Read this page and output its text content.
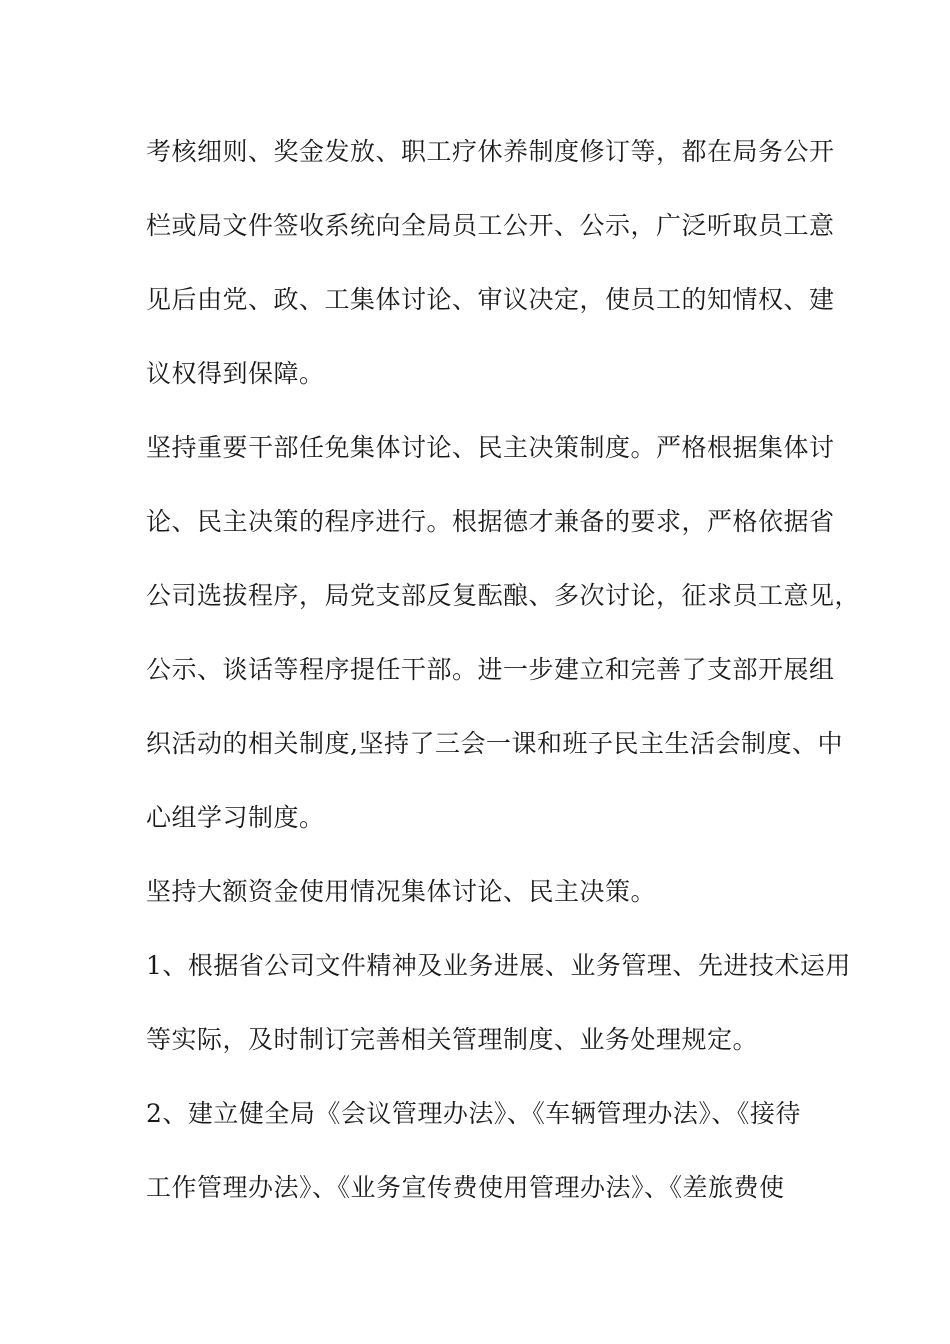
考核细则、奖金发放、职工疗休养制度修订等，都在局务公开
栏或局文件签收系统向全局员工公开、公示，广泛听取员工意
见后由党、政、工集体讨论、审议决定，使员工的知情权、建
议权得到保障。
坚持重要干部任免集体讨论、民主决策制度。严格根据集体讨
论、民主决策的程序进行。根据德才兼备的要求，严格依据省
公司选拔程序，局党支部反复酝酿、多次讨论，征求员工意见，
公示、谈话等程序提任干部。进一步建立和完善了支部开展组
织活动的相关制度,坚持了三会一课和班子民主生活会制度、中
心组学习制度。
坚持大额资金使用情况集体讨论、民主决策。
1、根据省公司文件精神及业务进展、业务管理、先进技术运用
等实际，及时制订完善相关管理制度、业务处理规定。
2、建立健全局《会议管理办法》、《车辆管理办法》、《接待
工作管理办法》、《业务宣传费使用管理办法》、《差旅费使
